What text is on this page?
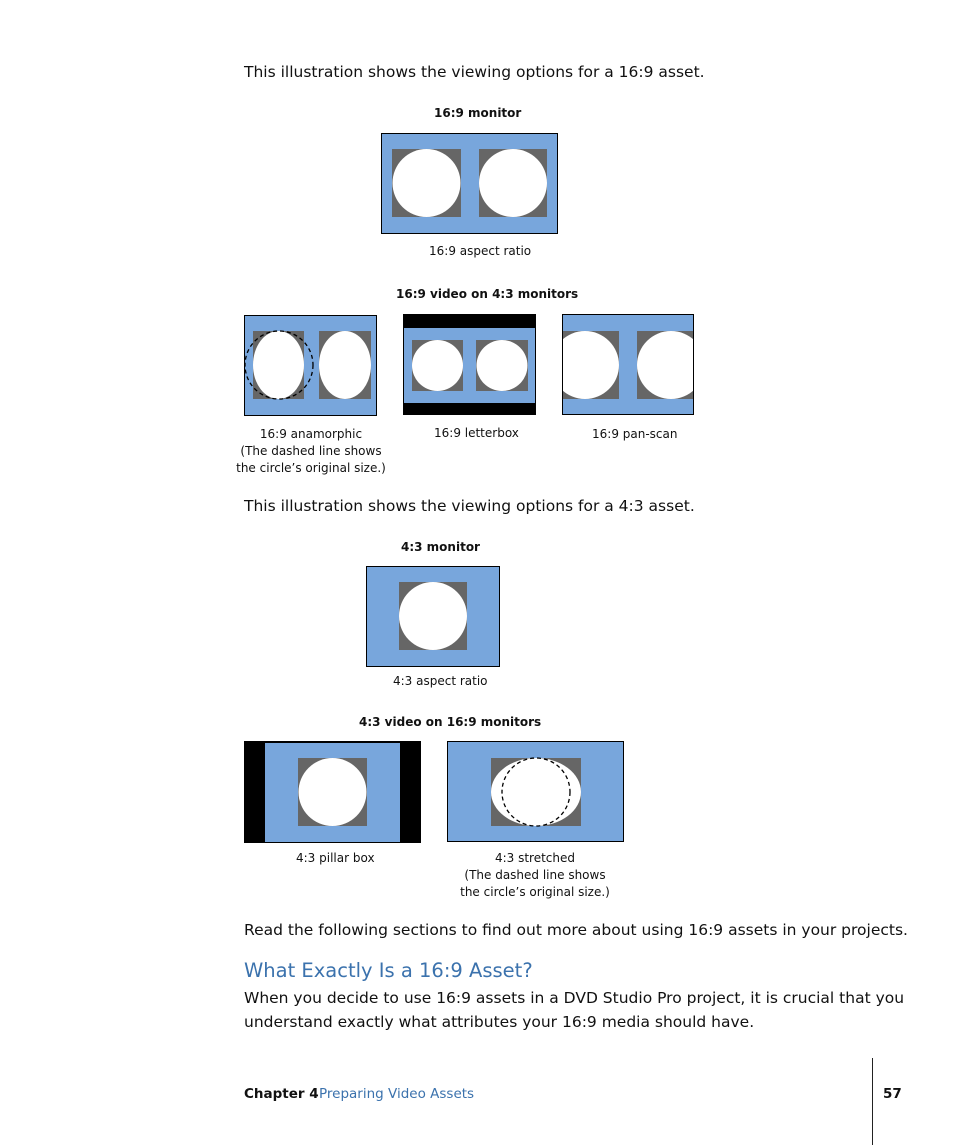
This illustration shows the viewing options for a 16:9 asset.
16:9 monitor
16:9 aspect ratio
16:9 video on 4:3 monitors
16:9 anamorphic
(The dashed line shows
the circle’s original size.)
16:9 letterbox	16:9 pan-scan
This illustration shows the viewing options for a 4:3 asset.
4:3 monitor
4:3 aspect ratio
4:3 video on 16:9 monitors
4:3 pillar box	4:3 stretched
(The dashed line shows
the circle’s original size.)
Read the following sections to find out more about using 16:9 assets in your projects.
What Exactly Is a 16:9 Asset?
When you decide to use 16:9 assets in a DVD Studio Pro project, it is crucial that you
understand exactly what attributes your 16:9 media should have.
Chapter 4 Preparing Video Assets	57
